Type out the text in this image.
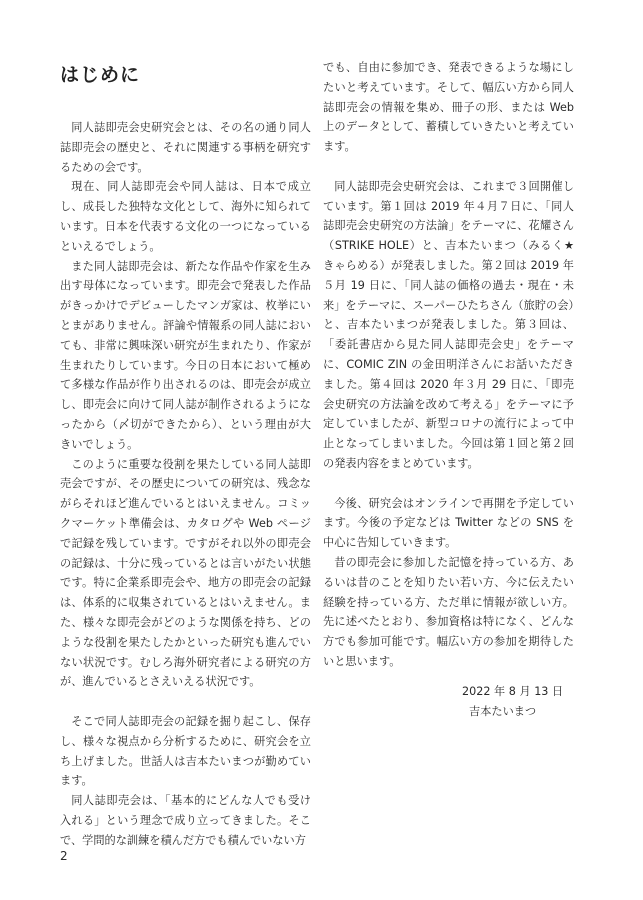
はじめに

同人誌即売会史研究会とは、その名の通り同人誌即売会の歴史と、それに関連する事柄を研究するための会です。

現在、同人誌即売会や同人誌は、日本で成立し、成長した独特な文化として、海外に知られています。日本を代表する文化の一つになっているといえるでしょう。

また同人誌即売会は、新たな作品や作家を生み出す母体になっています。即売会で発表した作品がきっかけでデビューしたマンガ家は、枚挙にいとまがありません。評論や情報系の同人誌においても、非常に興味深い研究が生まれたり、作家が生まれたりしています。今日の日本において極めて多様な作品が作り出されるのは、即売会が成立し、即売会に向けて同人誌が制作されるようになったから（〆切ができたから）、という理由が大きいでしょう。

このように重要な役割を果たしている同人誌即売会ですが、その歴史についての研究は、残念ながらそれほど進んでいるとはいえません。コミックマーケット準備会は、カタログや Web ページで記録を残しています。ですがそれ以外の即売会の記録は、十分に残っているとは言いがたい状態です。特に企業系即売会や、地方の即売会の記録は、体系的に収集されているとはいえません。また、様々な即売会がどのような関係を持ち、どのような役割を果たしたかといった研究も進んでいない状況です。むしろ海外研究者による研究の方が、進んでいるとさえいえる状況です。

そこで同人誌即売会の記録を掘り起こし、保存し、様々な視点から分析するために、研究会を立ち上げました。世話人は吉本たいまつが勤めています。

同人誌即売会は、「基本的にどんな人でも受け入れる」という理念で成り立ってきました。そこで、学問的な訓練を積んだ方でも積んでいない方

でも、自由に参加でき、発表できるような場にしたいと考えています。そして、幅広い方から同人誌即売会の情報を集め、冊子の形、または Web 上のデータとして、蓄積していきたいと考えています。

同人誌即売会史研究会は、これまで３回開催しています。第１回は 2019 年４月７日に、「同人誌即売会史研究の方法論」をテーマに、花耀さん（STRIKE HOLE）と、吉本たいまつ（みるく★きゃらめる）が発表しました。第２回は 2019 年５月 19 日に、「同人誌の価格の過去・現在・未来」をテーマに、スーパーひたちさん（旅貯の会）と、吉本たいまつが発表しました。第３回は、「委託書店から見た同人誌即売会史」をテーマに、COMIC ZIN の金田明洋さんにお話いただきました。第４回は 2020 年３月 29 日に、「即売会史研究の方法論を改めて考える」をテーマに予定していましたが、新型コロナの流行によって中止となってしまいました。今回は第１回と第２回の発表内容をまとめています。

今後、研究会はオンラインで再開を予定しています。今後の予定などは Twitter などの SNS を中心に告知していきます。

昔の即売会に参加した記憶を持っている方、あるいは昔のことを知りたい若い方、今に伝えたい経験を持っている方、ただ単に情報が欲しい方。先に述べたとおり、参加資格は特になく、どんな方でも参加可能です。幅広い方の参加を期待したいと思います。

2022 年 8 月 13 日
吉本たいまつ
2
